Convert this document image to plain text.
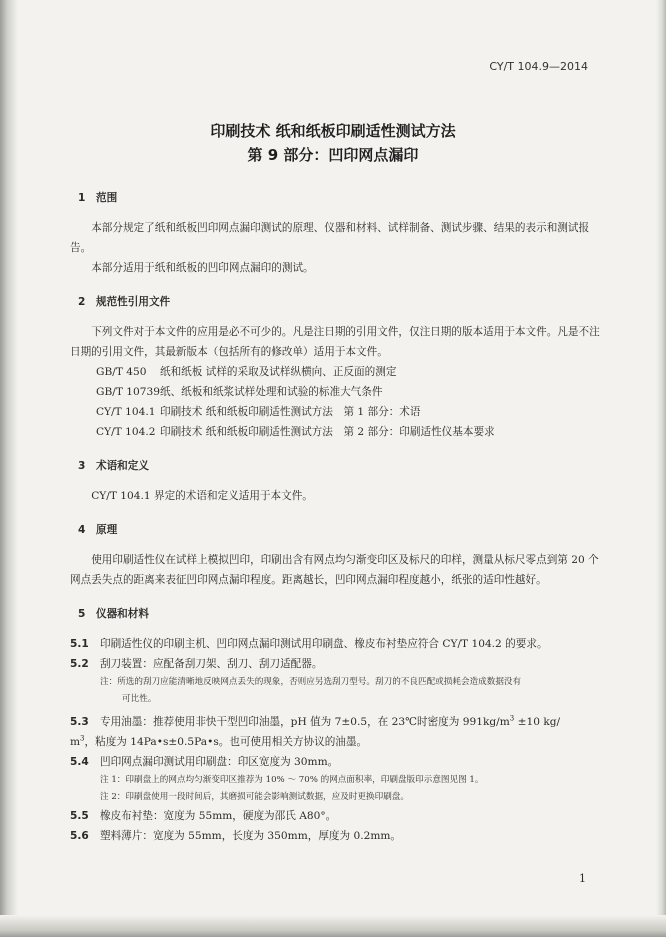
CY/T 104.9—2014
印刷技术 纸和纸板印刷适性测试方法
第 9 部分：凹印网点漏印
1 范围

本部分规定了纸和纸板凹印网点漏印测试的原理、仪器和材料、试样制备、测试步骤、结果的表示和测试报告。

本部分适用于纸和纸板的凹印网点漏印的测试。

2 规范性引用文件

下列文件对于本文件的应用是必不可少的。凡是注日期的引用文件，仅注日期的版本适用于本文件。凡是不注日期的引用文件，其最新版本（包括所有的修改单）适用于本文件。

GB/T 450 纸和纸板 试样的采取及试样纵横向、正反面的测定
GB/T 10739纸、纸板和纸浆试样处理和试验的标准大气条件
CY/T 104.1 印刷技术 纸和纸板印刷适性测试方法　第 1 部分：术语
CY/T 104.2 印刷技术 纸和纸板印刷适性测试方法　第 2 部分：印刷适性仪基本要求
3 术语和定义

CY/T 104.1 界定的术语和定义适用于本文件。

4 原理

使用印刷适性仪在试样上模拟凹印，印刷出含有网点均匀渐变印区及标尺的印样，测量从标尺零点到第 20 个网点丢失点的距离来表征凹印网点漏印程度。距离越长，凹印网点漏印程度越小，纸张的适印性越好。

5 仪器和材料
5.1	印刷适性仪的印刷主机、凹印网点漏印测试用印刷盘、橡皮布衬垫应符合 CY/T 104.2 的要求。
5.2	刮刀装置：应配备刮刀架、刮刀、刮刀适配器。
注：所选的刮刀应能清晰地反映网点丢失的现象，否则应另选刮刀型号。刮刀的不良匹配或损耗会造成数据没有
可比性。
5.3	专用油墨：推荐使用非快干型凹印油墨，pH 值为 7±0.5，在 23℃时密度为 $991kg/m^3 \pm 10$ kg/

$m^3$，粘度为 14Pa•s±0.5Pa•s。也可使用相关方协议的油墨。

5.4	凹印网点漏印测试用印刷盘：印区宽度为 30mm。
注 1：印刷盘上的网点均匀渐变印区推荐为 10% ～ 70% 的网点面积率，印刷盘版印示意图见图 1。
注 2：印刷盘使用一段时间后，其磨损可能会影响测试数据，应及时更换印刷盘。
5.5	橡皮布衬垫：宽度为 55mm，硬度为邵氏 A80°。
5.6	塑料薄片：宽度为 55mm，长度为 350mm，厚度为 0.2mm。
1
